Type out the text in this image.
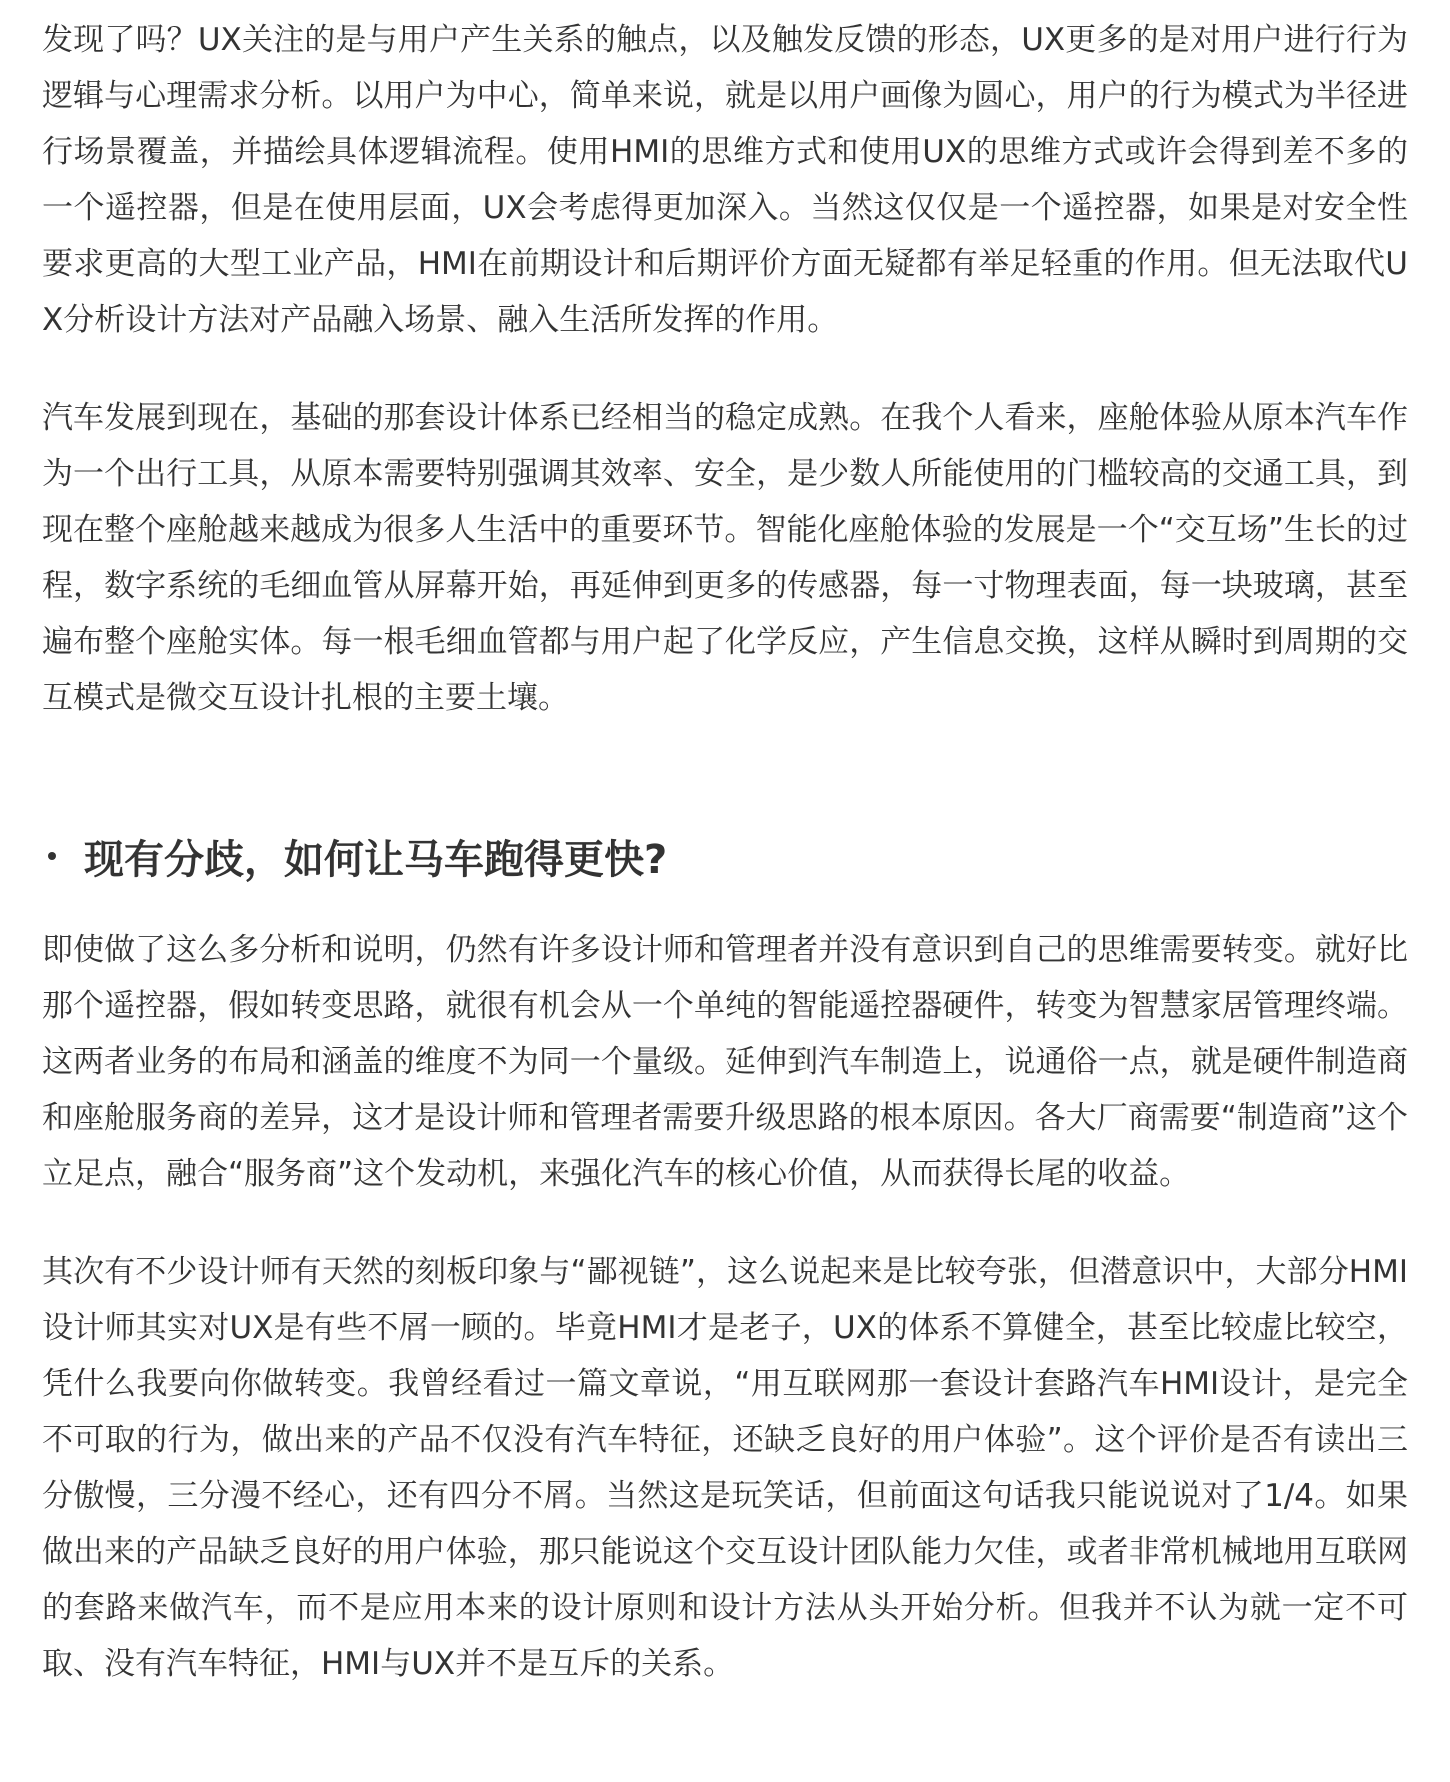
发现了吗？UX关注的是与用户产生关系的触点，以及触发反馈的形态，UX更多的是对用户进行行为逻辑与心理需求分析。以用户为中心，简单来说，就是以用户画像为圆心，用户的行为模式为半径进行场景覆盖，并描绘具体逻辑流程。使用HMI的思维方式和使用UX的思维方式或许会得到差不多的一个遥控器，但是在使用层面，UX会考虑得更加深入。当然这仅仅是一个遥控器，如果是对安全性要求更高的大型工业产品，HMI在前期设计和后期评价方面无疑都有举足轻重的作用。但无法取代UX分析设计方法对产品融入场景、融入生活所发挥的作用。

汽车发展到现在，基础的那套设计体系已经相当的稳定成熟。在我个人看来，座舱体验从原本汽车作为一个出行工具，从原本需要特别强调其效率、安全，是少数人所能使用的门槛较高的交通工具，到现在整个座舱越来越成为很多人生活中的重要环节。智能化座舱体验的发展是一个“交互场”生长的过程，数字系统的毛细血管从屏幕开始，再延伸到更多的传感器，每一寸物理表面，每一块玻璃，甚至遍布整个座舱实体。每一根毛细血管都与用户起了化学反应，产生信息交换，这样从瞬时到周期的交互模式是微交互设计扎根的主要土壤。

现有分歧，如何让马车跑得更快?

即使做了这么多分析和说明，仍然有许多设计师和管理者并没有意识到自己的思维需要转变。就好比那个遥控器，假如转变思路，就很有机会从一个单纯的智能遥控器硬件，转变为智慧家居管理终端。这两者业务的布局和涵盖的维度不为同一个量级。延伸到汽车制造上，说通俗一点，就是硬件制造商和座舱服务商的差异，这才是设计师和管理者需要升级思路的根本原因。各大厂商需要“制造商”这个立足点，融合“服务商”这个发动机，来强化汽车的核心价值，从而获得长尾的收益。

其次有不少设计师有天然的刻板印象与“鄙视链”，这么说起来是比较夸张，但潜意识中，大部分HMI设计师其实对UX是有些不屑一顾的。毕竟HMI才是老子，UX的体系不算健全，甚至比较虚比较空，凭什么我要向你做转变。我曾经看过一篇文章说，“用互联网那一套设计套路汽车HMI设计，是完全不可取的行为，做出来的产品不仅没有汽车特征，还缺乏良好的用户体验”。这个评价是否有读出三分傲慢，三分漫不经心，还有四分不屑。当然这是玩笑话，但前面这句话我只能说说对了1/4。如果做出来的产品缺乏良好的用户体验，那只能说这个交互设计团队能力欠佳，或者非常机械地用互联网的套路来做汽车，而不是应用本来的设计原则和设计方法从头开始分析。但我并不认为就一定不可取、没有汽车特征，HMI与UX并不是互斥的关系。
